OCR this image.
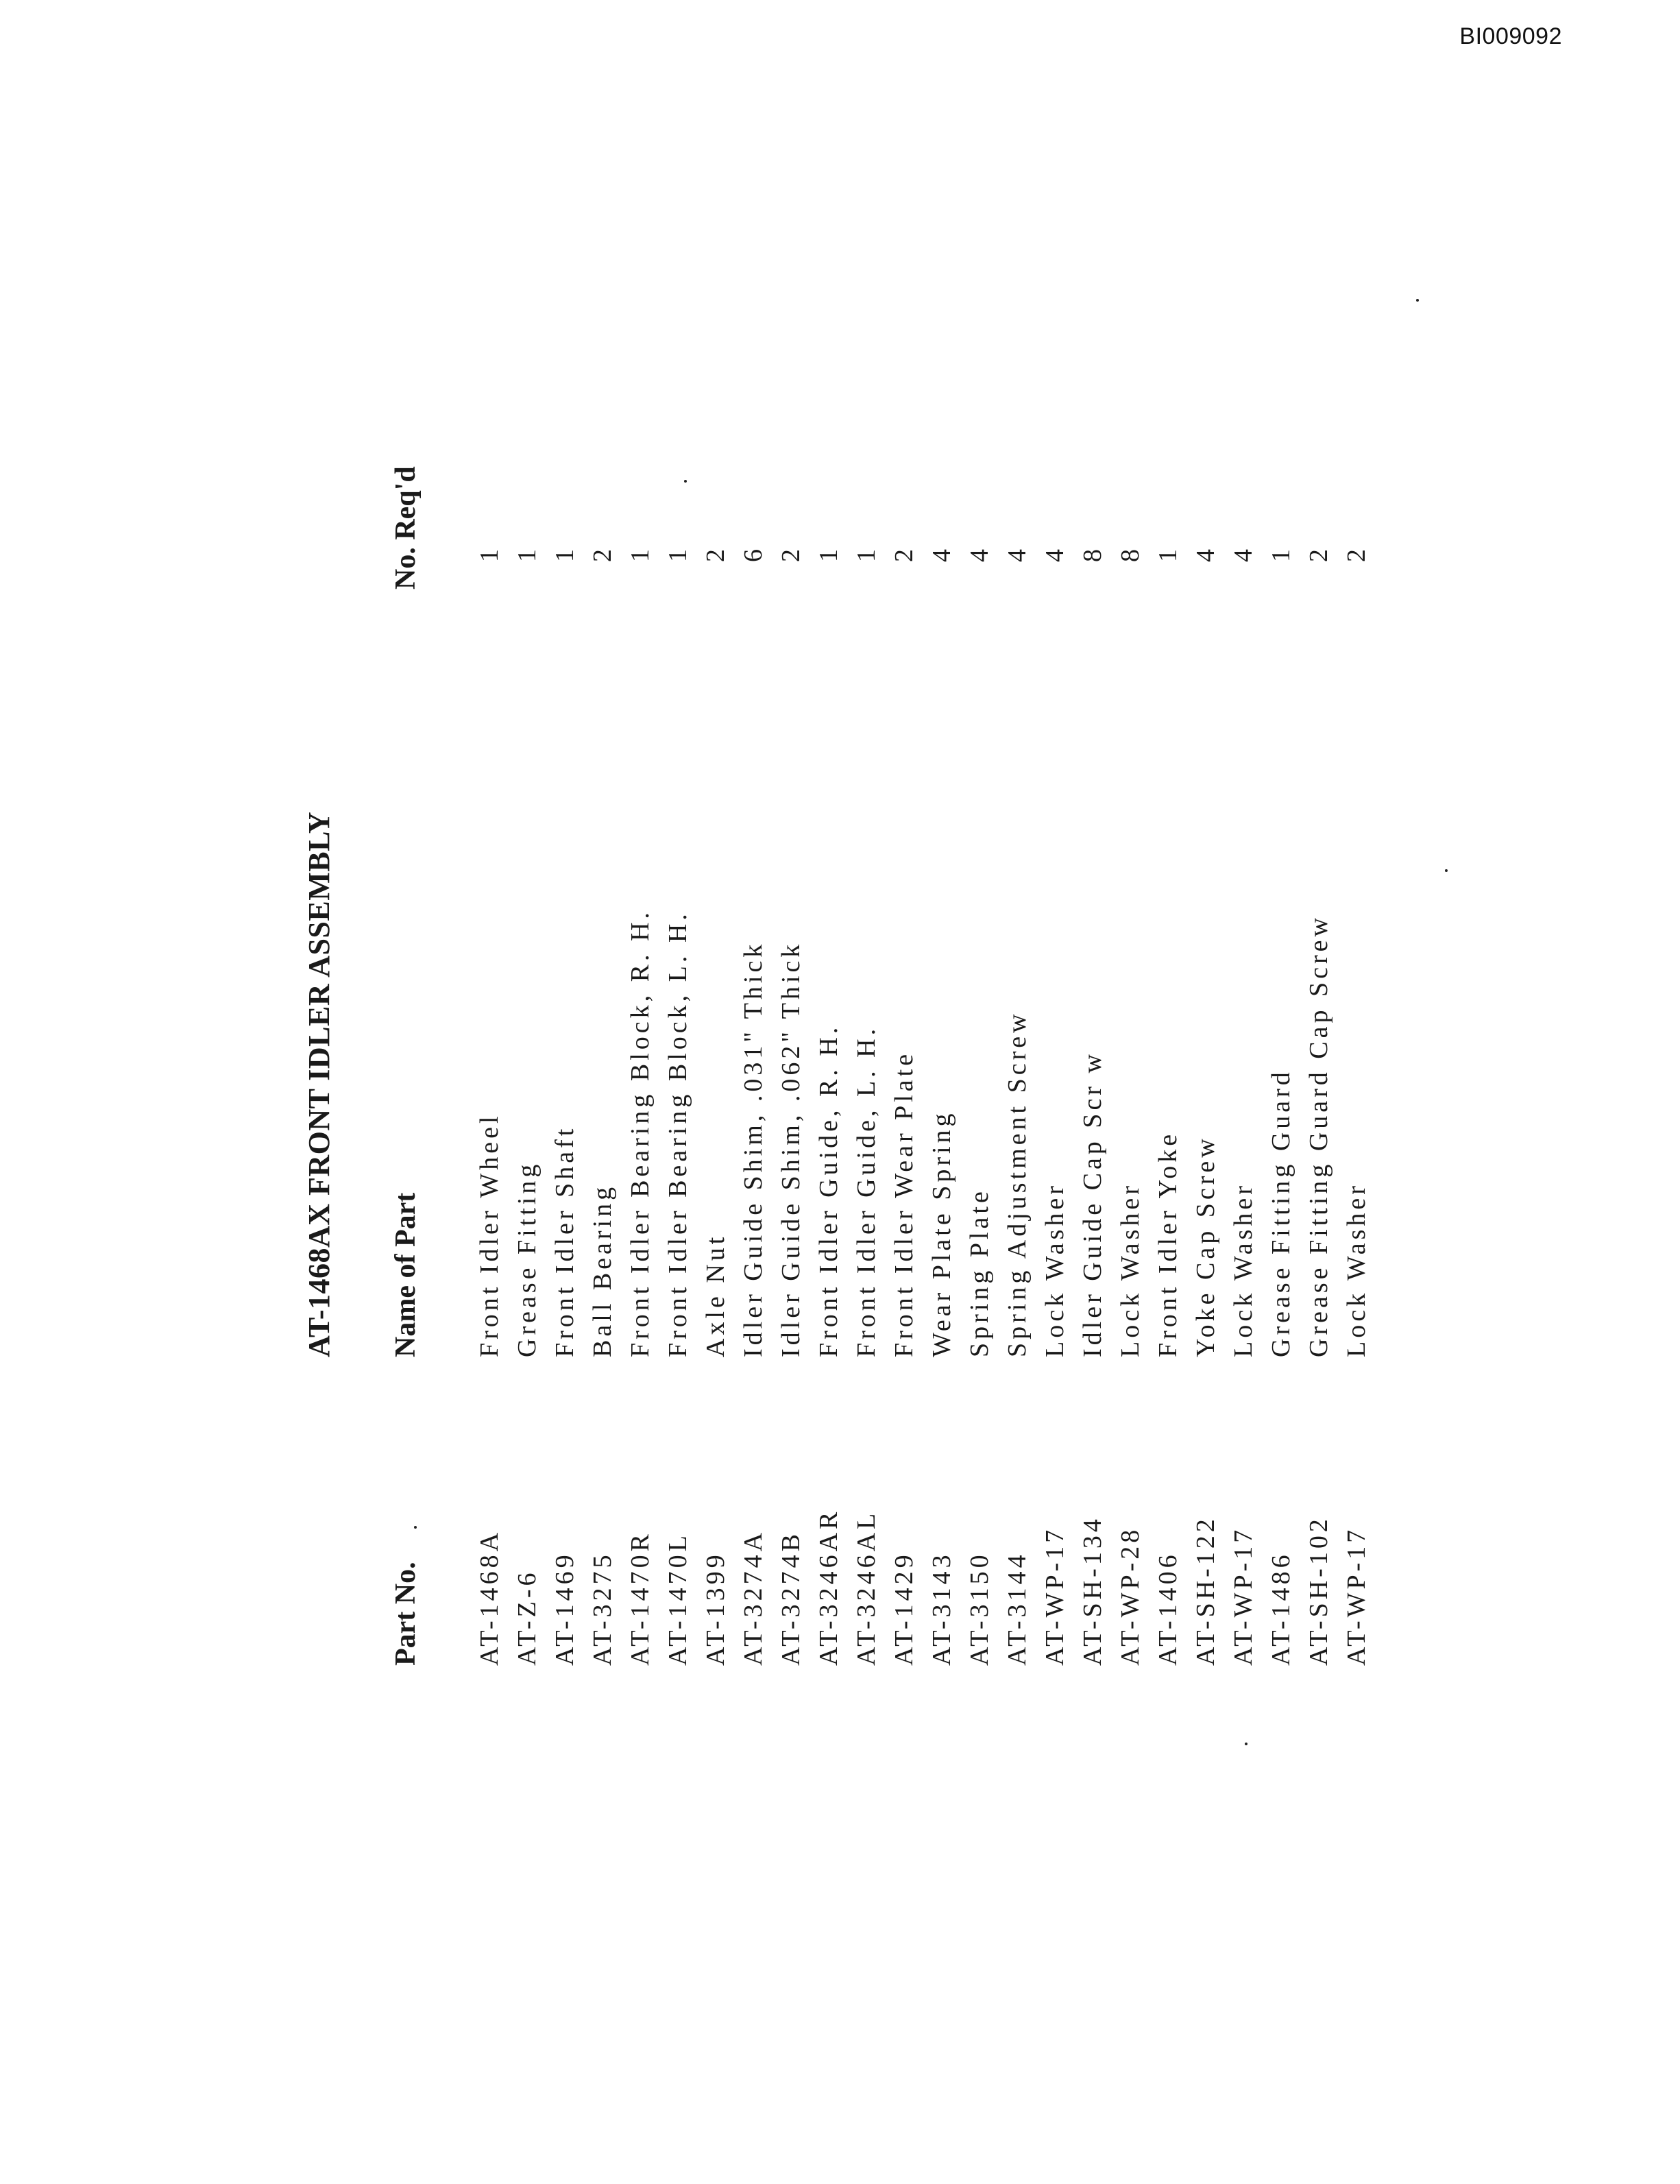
BI009092
AT-1468AX FRONT IDLER ASSEMBLY
Part No.
Name of Part
No. Req'd
AT-1468A
Front Idler Wheel
1
AT-Z-6
Grease Fitting
1
AT-1469
Front Idler Shaft
1
AT-3275
Ball Bearing
2
AT-1470R
Front Idler Bearing Block, R. H.
1
AT-1470L
Front Idler Bearing Block, L. H.
1
AT-1399
Axle Nut
2
AT-3274A
Idler Guide Shim, .031" Thick
6
AT-3274B
Idler Guide Shim, .062" Thick
2
AT-3246AR
Front Idler Guide, R. H.
1
AT-3246AL
Front Idler Guide, L. H.
1
AT-1429
Front Idler Wear Plate
2
AT-3143
Wear Plate Spring
4
AT-3150
Spring Plate
4
AT-3144
Spring Adjustment Screw
4
AT-WP-17
Lock Washer
4
AT-SH-134
Idler Guide Cap Scr w
8
AT-WP-28
Lock Washer
8
AT-1406
Front Idler Yoke
1
AT-SH-122
Yoke Cap Screw
4
AT-WP-17
Lock Washer
4
AT-1486
Grease Fitting Guard
1
AT-SH-102
Grease Fitting Guard Cap Screw
2
AT-WP-17
Lock Washer
2
